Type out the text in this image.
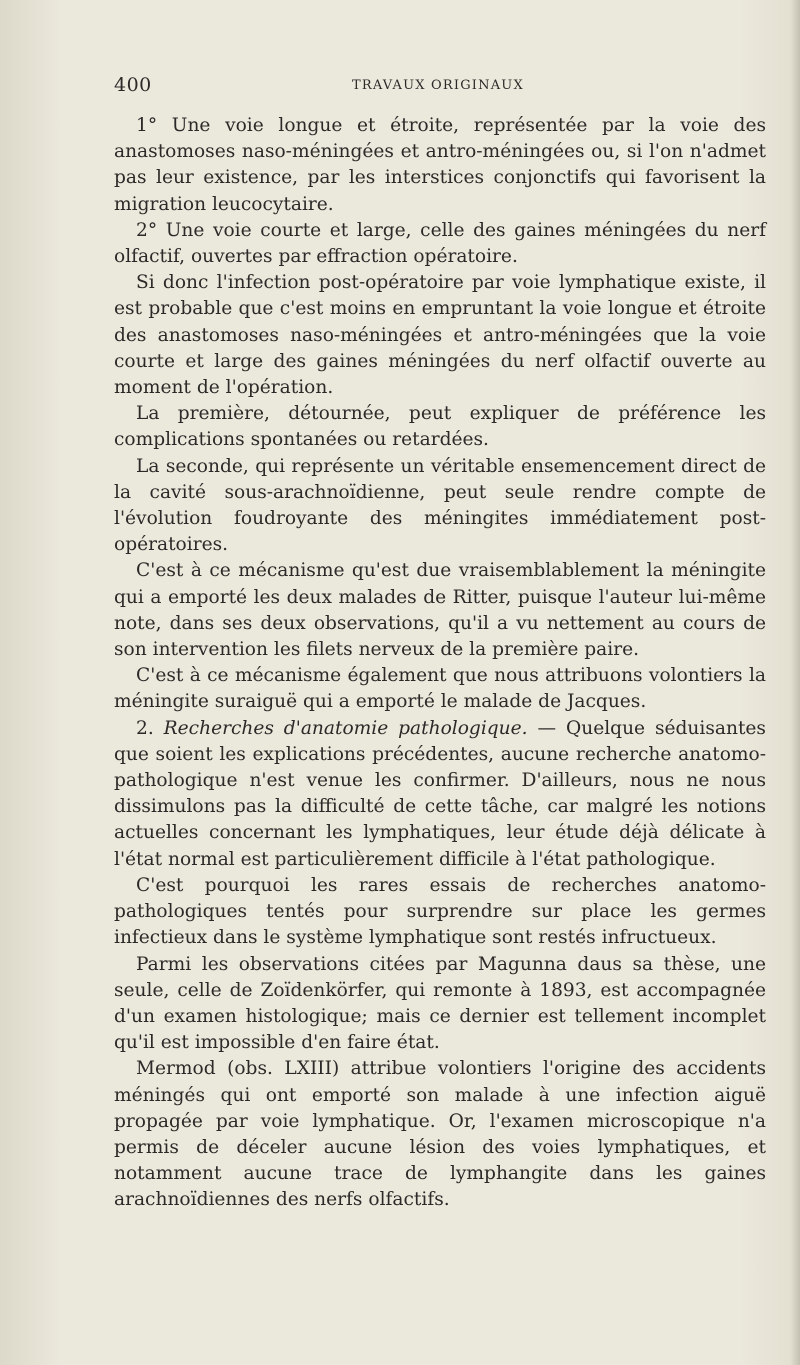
400	TRAVAUX ORIGINAUX

1° Une voie longue et étroite, représentée par la voie des anastomoses naso-méningées et antro-méningées ou, si l'on n'admet pas leur existence, par les interstices conjonctifs qui favorisent la migration leucocytaire.

2° Une voie courte et large, celle des gaines méningées du nerf olfactif, ouvertes par effraction opératoire.

Si donc l'infection post-opératoire par voie lymphatique existe, il est probable que c'est moins en empruntant la voie longue et étroite des anastomoses naso-méningées et antro-méningées que la voie courte et large des gaines méningées du nerf olfactif ouverte au moment de l'opération.

La première, détournée, peut expliquer de préférence les complications spontanées ou retardées.

La seconde, qui représente un véritable ensemencement direct de la cavité sous-arachnoïdienne, peut seule rendre compte de l'évolution foudroyante des méningites immédiatement post-opératoires.

C'est à ce mécanisme qu'est due vraisemblablement la méningite qui a emporté les deux malades de Ritter, puisque l'auteur lui-même note, dans ses deux observations, qu'il a vu nettement au cours de son intervention les filets nerveux de la première paire.

C'est à ce mécanisme également que nous attribuons volontiers la méningite suraiguë qui a emporté le malade de Jacques.

2. Recherches d'anatomie pathologique. — Quelque séduisantes que soient les explications précédentes, aucune recherche anatomo-pathologique n'est venue les confirmer. D'ailleurs, nous ne nous dissimulons pas la difficulté de cette tâche, car malgré les notions actuelles concernant les lymphatiques, leur étude déjà délicate à l'état normal est particulièrement difficile à l'état pathologique.

C'est pourquoi les rares essais de recherches anatomo-pathologiques tentés pour surprendre sur place les germes infectieux dans le système lymphatique sont restés infructueux.

Parmi les observations citées par Magunna daus sa thèse, une seule, celle de Zoïdenkörfer, qui remonte à 1893, est accompagnée d'un examen histologique; mais ce dernier est tellement incomplet qu'il est impossible d'en faire état.

Mermod (obs. LXIII) attribue volontiers l'origine des accidents méningés qui ont emporté son malade à une infection aiguë propagée par voie lymphatique. Or, l'examen microscopique n'a permis de déceler aucune lésion des voies lymphatiques, et notamment aucune trace de lymphangite dans les gaines arachnoïdiennes des nerfs olfactifs.
